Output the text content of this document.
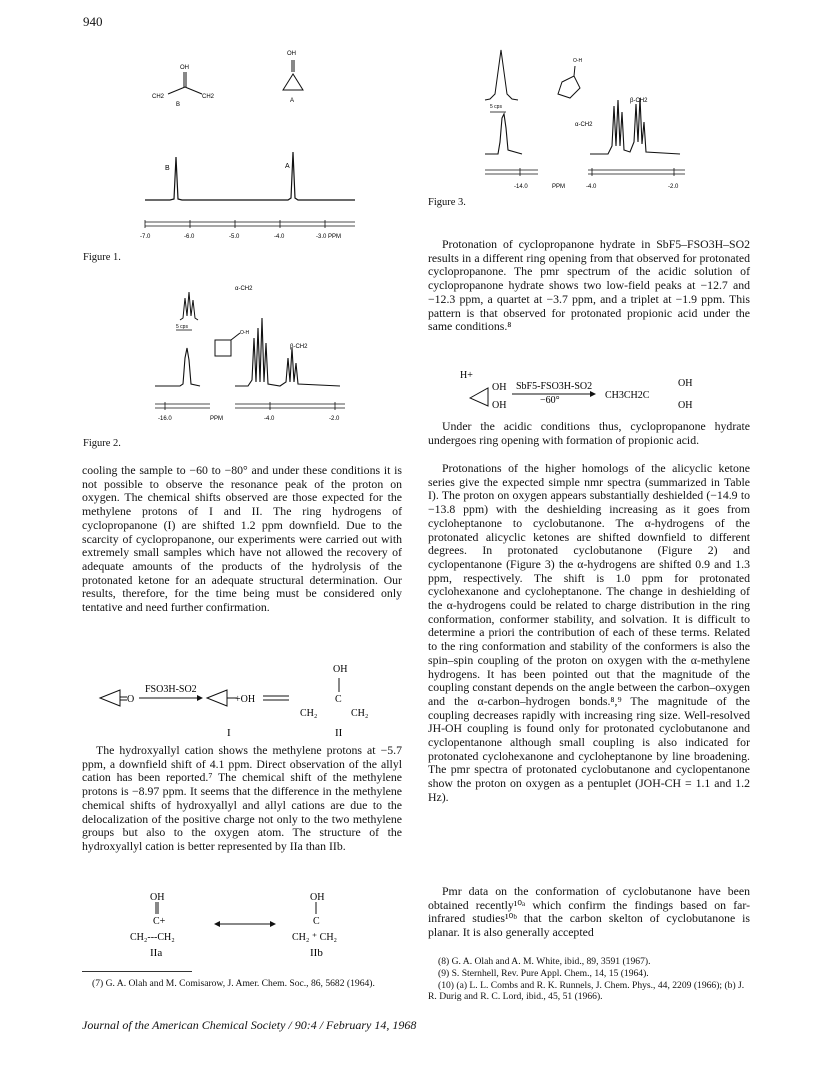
940
OH
CH2	CH2
B
OH
A
B	A
-7.0	-6.0	-5.0	-4.0	-3.0 PPM
Figure 1.
5 cps
O-H
α-CH2
β-CH2
-16.0	PPM	-4.0	-2.0
Figure 2.
5 cps
O-H
α-CH2
β-CH2
-14.0	PPM	-4.0	-2.0
Figure 3.

cooling the sample to −60 to −80° and under these conditions it is not possible to observe the resonance peak of the proton on oxygen. The chemical shifts observed are those expected for the methylene protons of I and II. The ring hydrogens of cyclopropanone (I) are shifted 1.2 ppm downfield. Due to the scarcity of cyclopropanone, our experiments were carried out with extremely small samples which have not allowed the recovery of adequate amounts of the products of the hydrolysis of the protonated ketone for an adequate structural determination. Our results, therefore, for the time being must be considered only tentative and need further confirmation.

O
FSO3H-SO2
+OH
OH
CH₂	CH₂
C
I	II

The hydroxyallyl cation shows the methylene protons at −5.7 ppm, a downfield shift of 4.1 ppm. Direct observation of the allyl cation has been reported.⁷ The chemical shift of the methylene protons is −8.97 ppm. It seems that the difference in the methylene chemical shifts of hydroxyallyl and allyl cations are due to the delocalization of the positive charge not only to the two methylene groups but also to the oxygen atom. The structure of the hydroxyallyl cation is better represented by IIa than IIb.

OH
C+
CH₂---CH₂
IIa
OH
C
CH₂ ⁺ CH₂
IIb

(7) G. A. Olah and M. Comisarow, J. Amer. Chem. Soc., 86, 5682 (1964).

Protonation of cyclopropanone hydrate in SbF5–FSO3H–SO2 results in a different ring opening from that observed for protonated cyclopropanone. The pmr spectrum of the acidic solution of cyclopropanone hydrate shows two low-field peaks at −12.7 and −12.3 ppm, a quartet at −3.7 ppm, and a triplet at −1.9 ppm. This pattern is that observed for protonated propionic acid under the same conditions.⁸

H+
OH
OH
SbF5-FSO3H-SO2
−60°	CH3CH2C
OH
OH

Under the acidic conditions thus, cyclopropanone hydrate undergoes ring opening with formation of propionic acid.

Protonations of the higher homologs of the alicyclic ketone series give the expected simple nmr spectra (summarized in Table I). The proton on oxygen appears substantially deshielded (−14.9 to −13.8 ppm) with the deshielding increasing as it goes from cycloheptanone to cyclobutanone. The α-hydrogens of the protonated alicyclic ketones are shifted downfield to different degrees. In protonated cyclobutanone (Figure 2) and cyclopentanone (Figure 3) the α-hydrogens are shifted 0.9 and 1.3 ppm, respectively. The shift is 1.0 ppm for protonated cyclohexanone and cycloheptanone. The change in deshielding of the α-hydrogens could be related to charge distribution in the ring conformation, conformer stability, and solvation. It is difficult to determine a priori the contribution of each of these terms. Related to the ring conformation and stability of the conformers is also the spin–spin coupling of the proton on oxygen with the α-methylene hydrogens. It has been pointed out that the magnitude of the coupling constant depends on the angle between the carbon–oxygen and the α-carbon–hydrogen bonds.⁸,⁹ The magnitude of the coupling decreases rapidly with increasing ring size. Well-resolved JH-OH coupling is found only for protonated cyclobutanone and cyclopentanone although small coupling is also indicated for protonated cyclohexanone and cycloheptanone by line broadening. The pmr spectra of protonated cyclobutanone and cyclopentanone show the proton on oxygen as a pentuplet (JOH-CH = 1.1 and 1.2 Hz).

Pmr data on the conformation of cyclobutanone have been obtained recently¹⁰ᵃ which confirm the findings based on far-infrared studies¹⁰ᵇ that the carbon skelton of cyclobutanone is planar. It is also generally accepted

(8) G. A. Olah and A. M. White, ibid., 89, 3591 (1967).

(9) S. Sternhell, Rev. Pure Appl. Chem., 14, 15 (1964).

(10) (a) L. L. Combs and R. K. Runnels, J. Chem. Phys., 44, 2209 (1966); (b) J. R. Durig and R. C. Lord, ibid., 45, 51 (1966).

Journal of the American Chemical Society / 90:4 / February 14, 1968
